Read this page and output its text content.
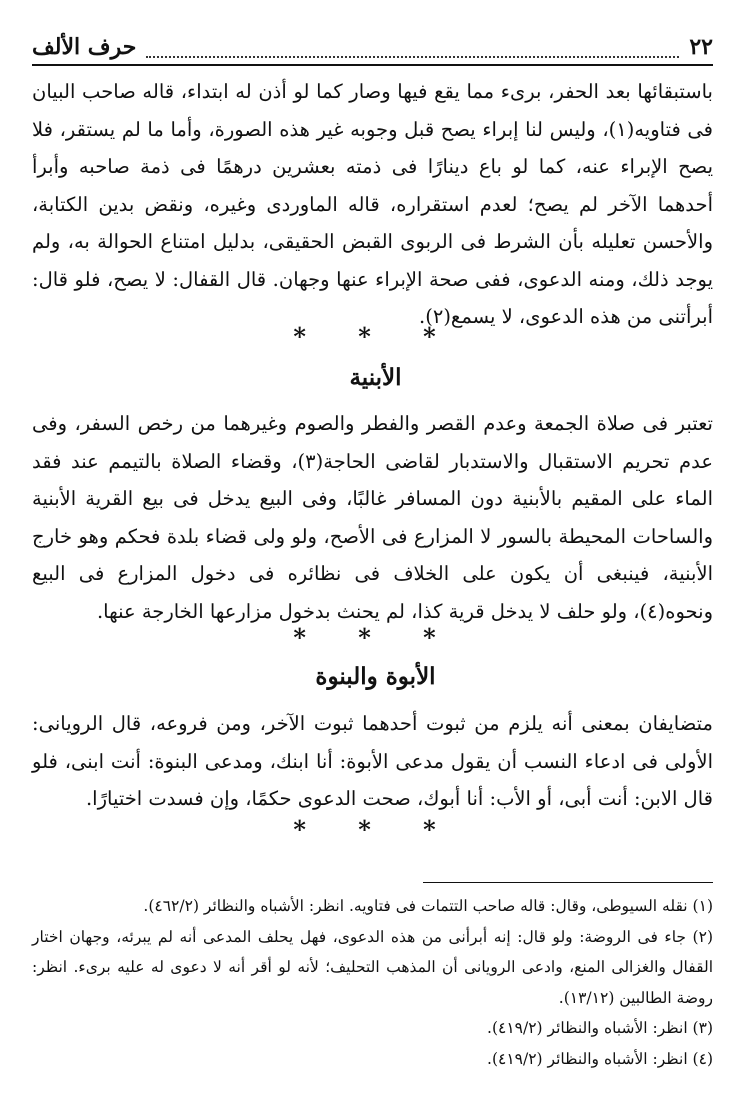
٢٢
حرف الألف

باستبقائها بعد الحفر، برىء مما يقع فيها وصار كما لو أذن له ابتداء، قاله صاحب البيان فى فتاويه(١)، وليس لنا إبراء يصح قبل وجوبه غير هذه الصورة، وأما ما لم يستقر، فلا يصح الإبراء عنه، كما لو باع دينارًا فى ذمته بعشرين درهمًا فى ذمة صاحبه وأبرأ أحدهما الآخر لم يصح؛ لعدم استقراره، قاله الماوردى وغيره، ونقض بدين الكتابة، والأحسن تعليله بأن الشرط فى الربوى القبض الحقيقى، بدليل امتناع الحوالة به، ولم يوجد ذلك، ومنه الدعوى، ففى صحة الإبراء عنها وجهان. قال القفال: لا يصح، فلو قال: أبرأتنى من هذه الدعوى، لا يسمع(٢).

* * *
الأبنية

تعتبر فى صلاة الجمعة وعدم القصر والفطر والصوم وغيرهما من رخص السفر، وفى عدم تحريم الاستقبال والاستدبار لقاضى الحاجة(٣)، وقضاء الصلاة بالتيمم عند فقد الماء على المقيم بالأبنية دون المسافر غالبًا، وفى البيع يدخل فى بيع القرية الأبنية والساحات المحيطة بالسور لا المزارع فى الأصح، ولو ولى قضاء بلدة فحكم وهو خارج الأبنية، فينبغى أن يكون على الخلاف فى نظائره فى دخول المزارع فى البيع ونحوه(٤)، ولو حلف لا يدخل قرية كذا، لم يحنث بدخول مزارعها الخارجة عنها.

* * *
الأبوة والبنوة

متضايفان بمعنى أنه يلزم من ثبوت أحدهما ثبوت الآخر، ومن فروعه، قال الرويانى: الأولى فى ادعاء النسب أن يقول مدعى الأبوة: أنا ابنك، ومدعى البنوة: أنت ابنى، فلو قال الابن: أنت أبى، أو الأب: أنا أبوك، صحت الدعوى حكمًا، وإن فسدت اختيارًا.

* * *

(١) نقله السيوطى، وقال: قاله صاحب التتمات فى فتاويه. انظر: الأشباه والنظائر (٤٦٢/٢).

(٢) جاء فى الروضة: ولو قال: إنه أبرأنى من هذه الدعوى، فهل يحلف المدعى أنه لم يبرئه، وجهان اختار القفال والغزالى المنع، وادعى الرويانى أن المذهب التحليف؛ لأنه لو أقر أنه لا دعوى له عليه برىء. انظر: روضة الطالبين (١٣/١٢).

(٣) انظر: الأشباه والنظائر (٤١٩/٢).

(٤) انظر: الأشباه والنظائر (٤١٩/٢).
